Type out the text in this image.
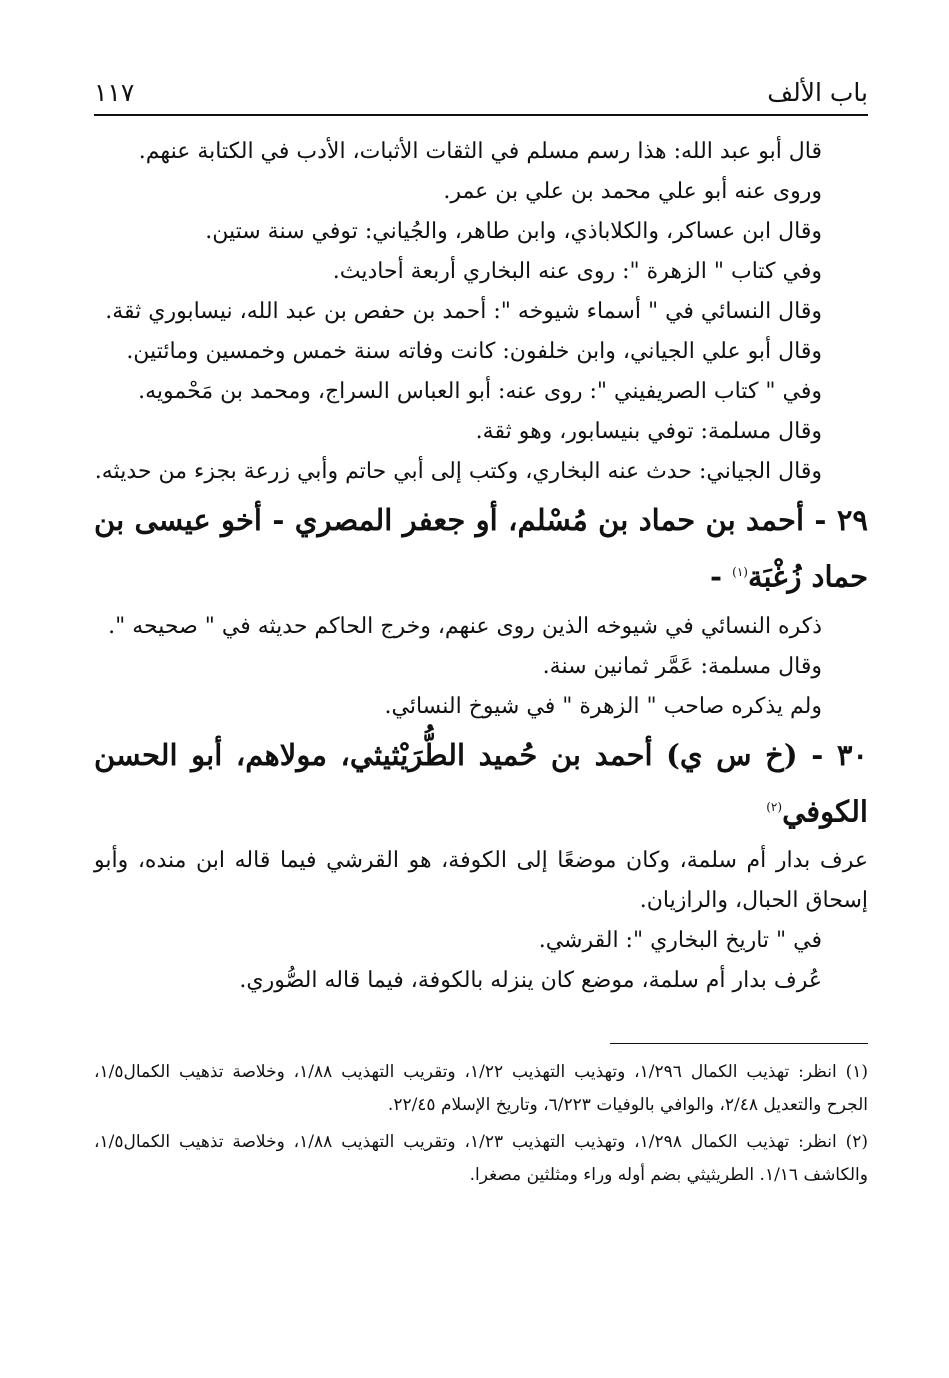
باب الألف
١١٧
قال أبو عبد الله: هذا رسم مسلم في الثقات الأثبات، الأدب في الكتابة عنهم.
وروى عنه أبو علي محمد بن علي بن عمر.
وقال ابن عساكر، والكلاباذي، وابن طاهر، والجُياني: توفي سنة ستين.
وفي كتاب " الزهرة ": روى عنه البخاري أربعة أحاديث.
وقال النسائي في " أسماء شيوخه ": أحمد بن حفص بن عبد الله، نيسابوري ثقة.
وقال أبو علي الجياني، وابن خلفون: كانت وفاته سنة خمس وخمسين ومائتين.
وفي " كتاب الصريفيني ": روى عنه: أبو العباس السراج، ومحمد بن مَحْمويه.
وقال مسلمة: توفي بنيسابور، وهو ثقة.
وقال الجياني: حدث عنه البخاري، وكتب إلى أبي حاتم وأبي زرعة بجزء من حديثه.
٢٩ - أحمد بن حماد بن مُسْلم، أو جعفر المصري - أخو عيسى بن حماد زُغْبَة$^{(١)}$ -
ذكره النسائي في شيوخه الذين روى عنهم، وخرج الحاكم حديثه في " صحيحه ".
وقال مسلمة: عَمَّر ثمانين سنة.
ولم يذكره صاحب " الزهرة " في شيوخ النسائي.
٣٠ - (خ س ي) أحمد بن حُميد الطُّرَيْثيثي، مولاهم، أبو الحسن الكوفي$^{(٢)}$
عرف بدار أم سلمة، وكان موضعًا إلى الكوفة، هو القرشي فيما قاله ابن منده، وأبو إسحاق الحبال، والرازيان.
في " تاريخ البخاري ": القرشي.
عُرف بدار أم سلمة، موضع كان ينزله بالكوفة، فيما قاله الصُّوري.
(١) انظر: تهذيب الكمال ١/٢٩٦، وتهذيب التهذيب ١/٢٢، وتقريب التهذيب ١/٨٨، وخلاصة تذهيب الكمال١/٥، الجرح والتعديل ٢/٤٨، والوافي بالوفيات ٦/٢٢٣، وتاريخ الإسلام ٢٢/٤٥.
(٢) انظر: تهذيب الكمال ١/٢٩٨، وتهذيب التهذيب ١/٢٣، وتقريب التهذيب ١/٨٨، وخلاصة تذهيب الكمال١/٥، والكاشف ١/١٦. الطريثيثي بضم أوله وراء ومثلثين مصغرا.
